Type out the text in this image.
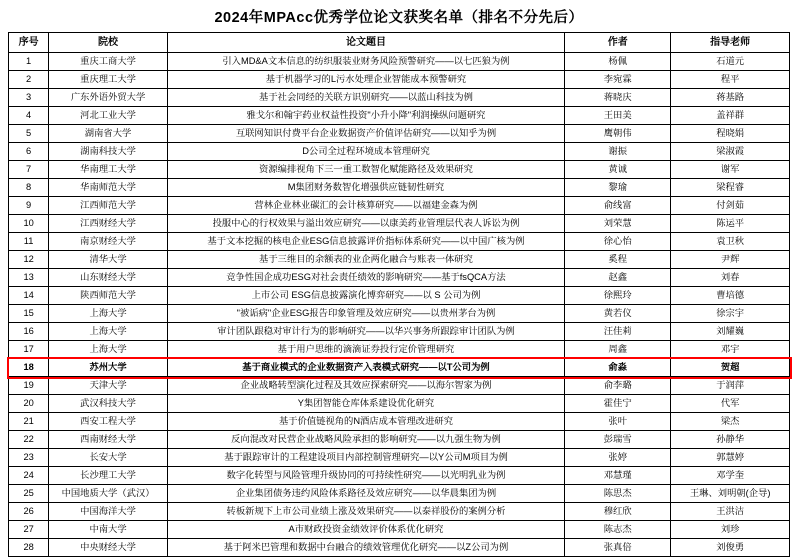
2024年MPAcc优秀学位论文获奖名单（排名不分先后）
序号	院校	论文题目	作者	指导老师
1	重庆工商大学	引入MD&A文本信息的纺织服装业财务风险预警研究——以七匹狼为例	杨佩	石道元
2	重庆理工大学	基于机器学习的L污水处理企业智能成本预警研究	李宛霖	程平
3	广东外语外贸大学	基于社会同经的关联方识别研究——以蓝山科技为例	蒋晓庆	蒋基路
4	河北工业大学	雅戈尔和翰宇药业权益性投资"小升小降"利润操纵问题研究	王田美	盖祥群
5	湖南省大学	互联网知识付费平台企业数据资产价值评估研究——以知乎为例	鹰朝伟	程晓娟
6	湖南科技大学	D公司全过程环境成本管理研究	谢振	梁淑霞
7	华南理工大学	资源编排视角下三一重工数智化赋能路径及效果研究	黄诚	谢军
8	华南师范大学	M集团财务数智化增强供应链韧性研究	黎瑜	梁程睿
9	江西师范大学	营林企业林业碳汇的会计核算研究——以福建金森为例	俞线富	付剑茹
10	江西财经大学	投服中心的行权效果与溢出效应研究——以康美药业管理层代表人诉讼为例	刘荣慧	陈运平
11	南京财经大学	基于文本挖掘的核电企业ESG信息披露评价指标体系研究——以中国广核为例	徐心怡	袁卫秋
12	清华大学	基于三维目的余额表的业企两化融合与账表一体研究	奚程	尹辉
13	山东财经大学	竞争性国企成功ESG对社会责任绩效的影响研究——基于fsQCA方法	赵鑫	刘春
14	陕西师范大学	上市公司 ESG信息披露演化博弈研究——以 S 公司为例	徐熙玲	曹培德
15	上海大学	"被诟病"企业ESG报告印象管理及效应研究——以贵州茅台为例	黄若仪	徐宗宇
16	上海大学	审计团队跟稳对审计行为的影响研究——以华兴事务所跟踪审计团队为例	汪佳莉	刘耀巍
17	上海大学	基于用户思维的滴滴证券投行定价管理研究	周鑫	邓宇
18	苏州大学	基于商业模式的企业数据资产入表模式研究——以T公司为例	俞淼	贺超
19	天津大学	企业战略转型演化过程及其效应探索研究——以海尔智家为例	俞李璐	于润萍
20	武汉科技大学	Y集团智能仓库体系建设优化研究	霍佳宁	代军
21	西安工程大学	基于价值链视角的N酒店成本管理改进研究	张叶	梁杰
22	西南财经大学	反向混改对民营企业战略风险承担的影响研究——以九强生物为例	彭瑞雪	孙静华
23	长安大学	基于跟踪审计的工程建设项目内部控制管理研究—以Y公司M项目为例	张婷	郭慧婷
24	长沙理工大学	数字化转型与风险管理升级协同的可持续性研究——以光明乳业为例	邓慧瑾	邓学奎
25	中国地质大学（武汉）	企业集团债务违约风险体系路径及效应研究——以华晨集团为例	陈思杰	王琳、刘明朝(企导)
26	中国海洋大学	转板新规下上市公司业绩上涨及效果研究——以泰祥股份的案例分析	穆红欣	王洪洁
27	中南大学	A市财政投资金绩效评价体系优化研究	陈志杰	刘珍
28	中央财经大学	基于阿米巴管理和数据中台融合的绩效管理优化研究——以Z公司为例	张真倍	刘俊勇
